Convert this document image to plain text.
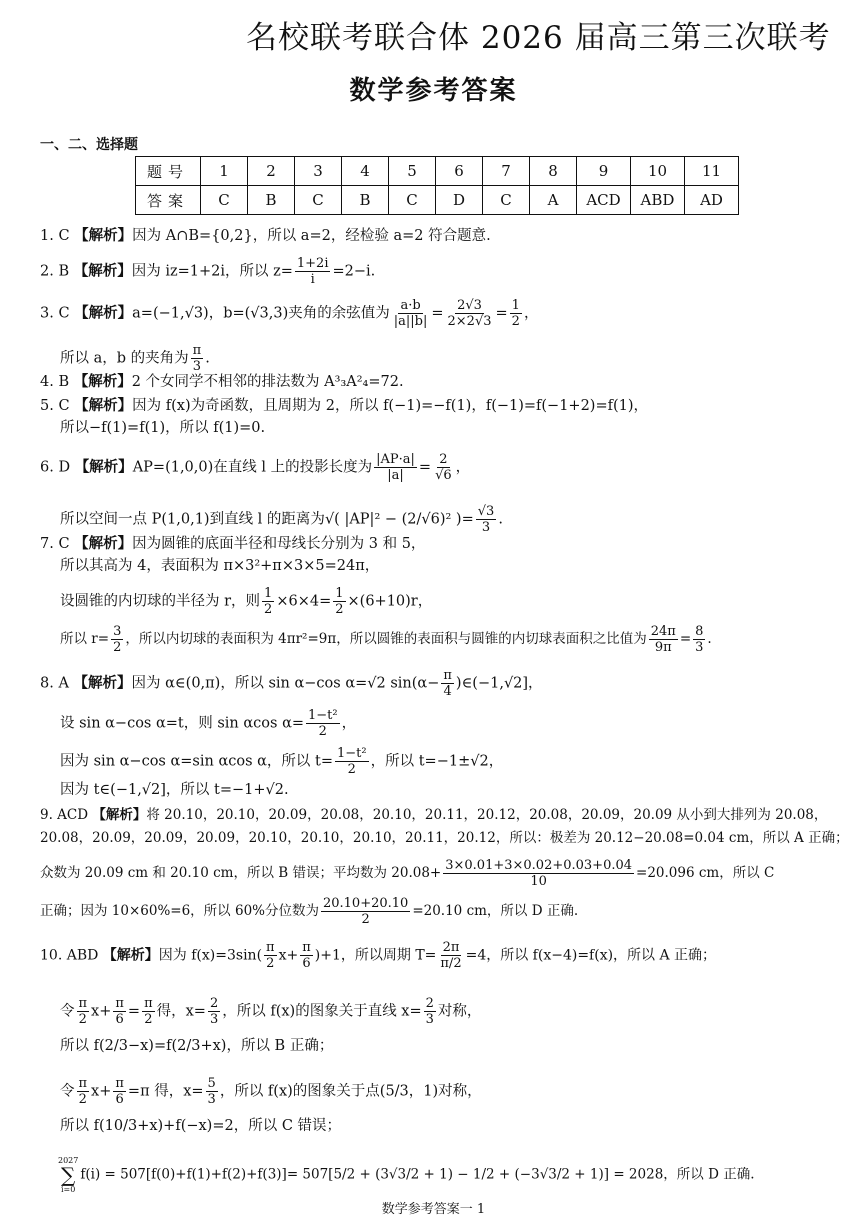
名校联考联合体 2026 届高三第三次联考
数学参考答案
一、二、选择题
题号	1	2	3	4	5	6	7	8	9	10	11
答案	C	B	C	B	C	D	C	A	ACD	ABD	AD
1. C 【解析】因为 A∩B={0,2}，所以 a=2，经检验 a=2 符合题意.
2. B 【解析】因为 iz=1+2i，所以 $z= \frac{1+2i}{i} =2-i$.
3. C 【解析】a=(−1,√3)，b=(√3,3)夹角的余弦值为 $\frac{a\cdot b}{|a||b|} = \frac{2√3}{2\times 2√3} = \frac{1}{2}$ ，
所以 a，b 的夹角为 $\frac{\pi}{3}$ .
4. B 【解析】2 个女同学不相邻的排法数为 A³₃A²₄=72.
5. C 【解析】因为 f(x)为奇函数，且周期为 2，所以 f(−1)=−f(1)，f(−1)=f(−1+2)=f(1)，
所以−f(1)=f(1)，所以 f(1)=0.
6. D 【解析】AP=(1,0,0)在直线 l 上的投影长度为 $\frac{|AP\cdot a|}{|a|} = \frac{2}{√6}$ ，
所以空间一点 P(1,0,1)到直线 l 的距离为√( |AP|² − (2/√6)² )= $\frac{√3}{3}$ .
7. C 【解析】因为圆锥的底面半径和母线长分别为 3 和 5，
所以其高为 4，表面积为 π×3²+π×3×5=24π，
设圆锥的内切球的半径为 r，则 $\frac{1}{2} \times 6\times 4= \frac{1}{2} \times(6+10)r$，
所以 $r= \frac{3}{2}$ ，所以内切球的表面积为 4πr²=9π，所以圆锥的表面积与圆锥的内切球表面积之比值为 $\frac{24\pi}{9\pi} = \frac{8}{3}$ .
8. A 【解析】因为 α∈(0,π)，所以 sin α−cos α=√2 $\sin(\alpha- \frac{\pi}{4}$ )∈(−1,√2]，
设 sin α−cos α=t，则 sin αcos $\alpha= \frac{\text{1−t²}}{2}$ ，
因为 sin α−cos α=sin αcos α，所以 $t= \frac{\text{1−t²}}{2}$ ，所以 t=−1±√2，
因为 t∈(−1,√2]，所以 t=−1+√2.
9. ACD 【解析】将 20.10，20.10，20.09，20.08，20.10，20.11，20.12，20.08，20.09，20.09 从小到大排列为 20.08，
20.08，20.09，20.09，20.09，20.10，20.10，20.10，20.11，20.12，所以：极差为 20.12−20.08=0.04 cm，所以 A 正确；
众数为 20.09 cm 和 20.10 cm，所以 B 错误；平均数为 $20.08+ \frac{3\times 0.01+3\times 0.02+0.03+0.04}{10} =20.096$ cm，所以 C
正确；因为 10×60%=6，所以 60%分位数为 $\frac{20.10+20.10}{2} =20.10$ cm，所以 D 正确.
10. ABD 【解析】因为 $f(x)=3\sin( \frac{\pi}{2} x+ \frac{\pi}{6} )+1$，所以周期 $T= \frac{2\pi}{\pi/2} =4$，所以 f(x−4)=f(x)，所以 A 正确；
令 $\frac{\pi}{2} x+ \frac{\pi}{6} = \frac{\pi}{2}$ 得，$x= \frac{2}{3}$ ，所以 f(x)的图象关于直线 $x= \frac{2}{3}$ 对称，
所以 f(2/3−x)=f(2/3+x)，所以 B 正确；
令 $\frac{\pi}{2} x+ \frac{\pi}{6} =\pi$ 得，$x= \frac{5}{3}$ ，所以 f(x)的图象关于点(5/3，1)对称，
所以 f(10/3+x)+f(−x)=2，所以 C 错误；
2027
∑
i=0
f(i) = 507[f(0)+f(1)+f(2)+f(3)]= 507[5/2 + (3√3/2 + 1) − 1/2 + (−3√3/2 + 1)] = 2028，所以 D 正确.
数学参考答案一 1
